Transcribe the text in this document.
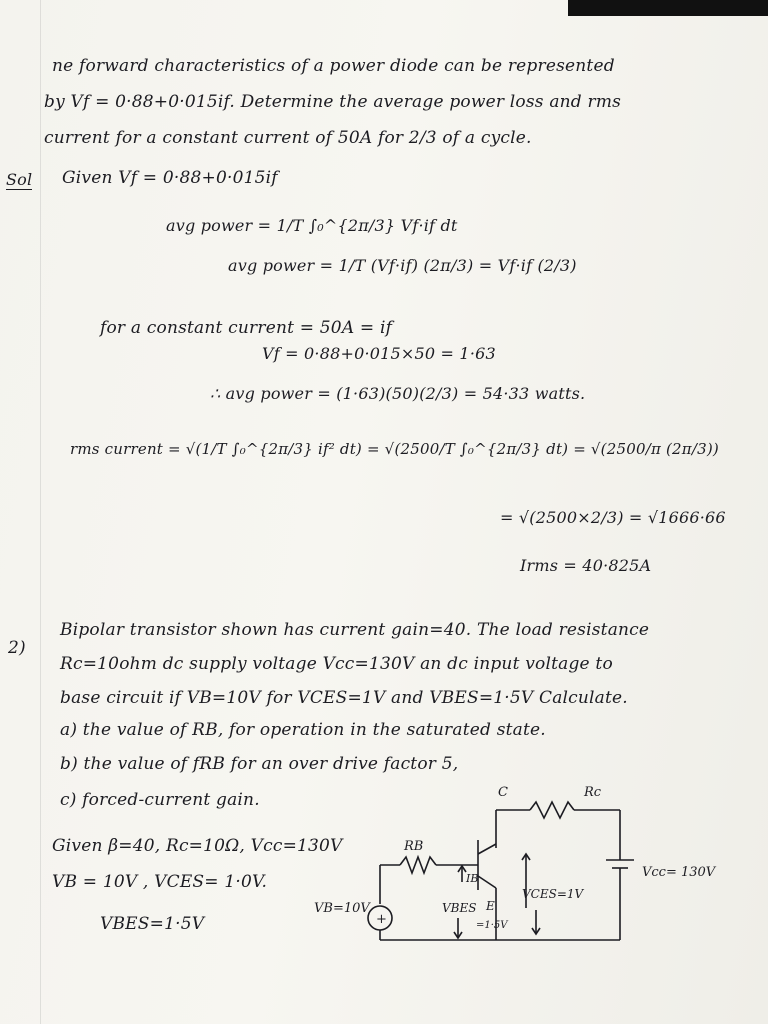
ne forward characteristics of a power diode can be represented
by Vf = 0·88+0·015if. Determine the average power loss and rms
current for a constant current of 50A for 2/3 of a cycle.
Sol Given Vf = 0·88+0·015if
avg power = 1/T ∫₀^{2π/3} Vf·if dt
avg power = 1/T (Vf·if) (2π/3) = Vf·if (2/3)
for a constant current = 50A = if
Vf = 0·88+0·015×50 = 1·63
∴ avg power = (1·63)(50)(2/3) = 54·33 watts.
rms current = √(1/T ∫₀^{2π/3} if² dt) = √(2500/T ∫₀^{2π/3} dt) = √(2500/π (2π/3))
= √(2500×2/3) = √1666·66
Irms = 40·825A
2)
Bipolar transistor shown has current gain=40. The load resistance
Rc=10ohm dc supply voltage Vcc=130V an dc input voltage to
base circuit if VB=10V for VCES=1V and VBES=1·5V Calculate.
a) the value of RB, for operation in the saturated state.
b) the value of fRB for an over drive factor 5,
c) forced-current gain.
Given β=40, Rc=10Ω, Vcc=130V
VB = 10V , VCES= 1·0V.
VBES=1·5V
RB
Rc
C
IB
+
VB=10V	VBES
=1·5V
E
VCES=1V
Vcc= 130V
